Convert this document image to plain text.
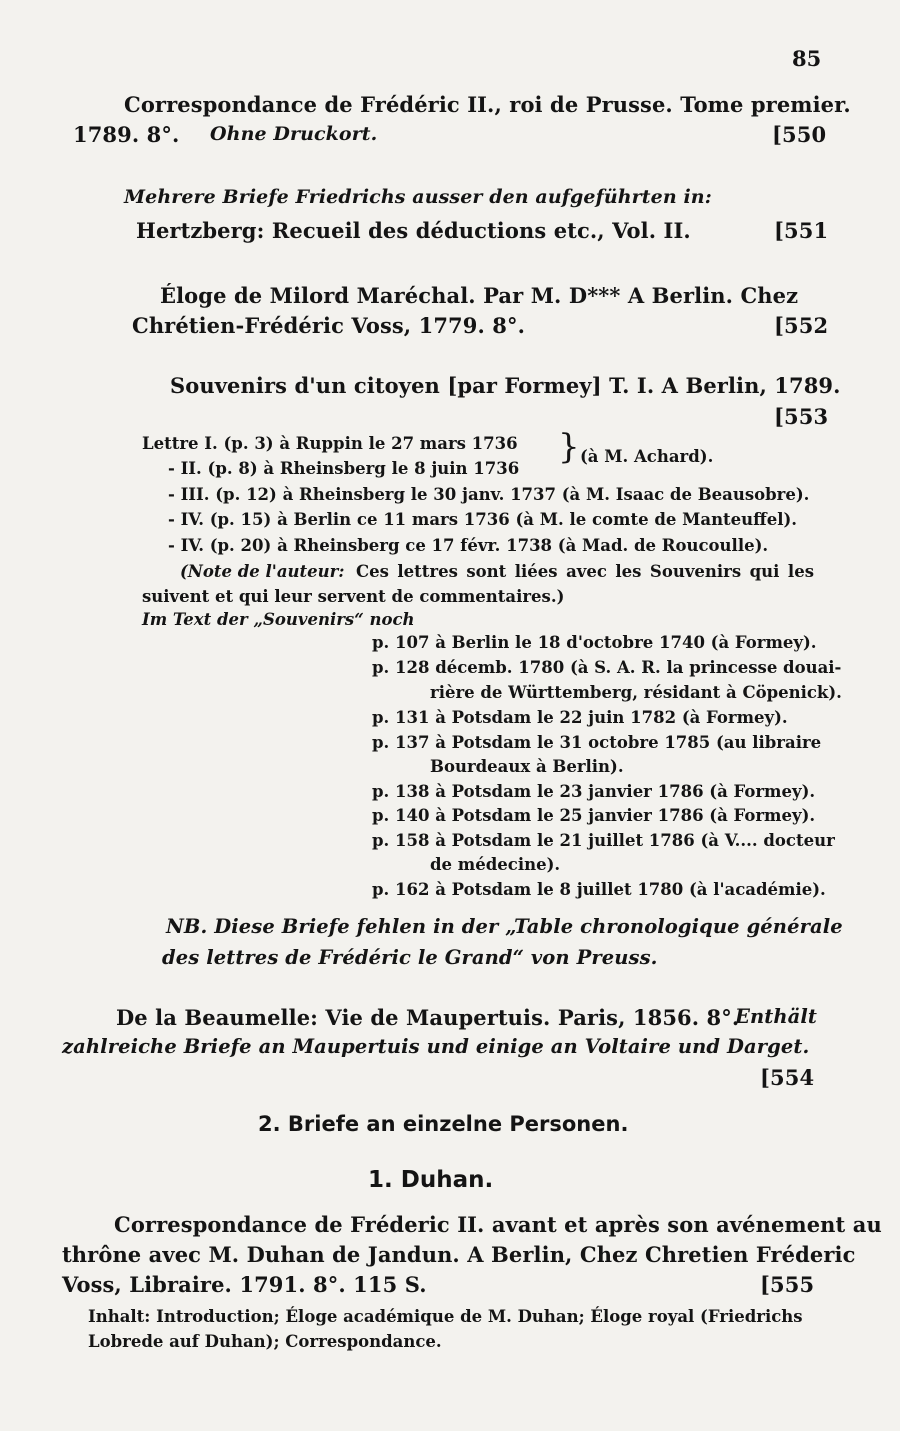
85
Correspondance de Frédéric II., roi de Prusse. Tome premier.
1789. 8°. Ohne Druckort.	[550
Mehrere Briefe Friedrichs ausser den aufgeführten in:
Hertzberg: Recueil des déductions etc., Vol. II.	[551
Éloge de Milord Maréchal. Par M. D*** A Berlin. Chez
Chrétien-Frédéric Voss, 1779. 8°.	[552
Souvenirs d'un citoyen [par Formey] T. I. A Berlin, 1789.
[553
Lettre I. (p. 3) à Ruppin le 27 mars 1736
- II. (p. 8) à Rheinsberg le 8 juin 1736
} (à M. Achard).
- III. (p. 12) à Rheinsberg le 30 janv. 1737 (à M. Isaac de Beausobre).
- IV. (p. 15) à Berlin ce 11 mars 1736 (à M. le comte de Manteuffel).
- IV. (p. 20) à Rheinsberg ce 17 févr. 1738 (à Mad. de Roucoulle).
(Note de l'auteur: Ces lettres sont liées avec les Souvenirs qui les
suivent et qui leur servent de commentaires.)
Im Text der „Souvenirs“ noch
p. 107 à Berlin le 18 d'octobre 1740 (à Formey).
p. 128 décemb. 1780 (à S. A. R. la princesse douai-
rière de Württemberg, résidant à Cöpenick).
p. 131 à Potsdam le 22 juin 1782 (à Formey).
p. 137 à Potsdam le 31 octobre 1785 (au libraire
Bourdeaux à Berlin).
p. 138 à Potsdam le 23 janvier 1786 (à Formey).
p. 140 à Potsdam le 25 janvier 1786 (à Formey).
p. 158 à Potsdam le 21 juillet 1786 (à V.... docteur
de médecine).
p. 162 à Potsdam le 8 juillet 1780 (à l'académie).
NB. Diese Briefe fehlen in der „Table chronologique générale
des lettres de Frédéric le Grand“ von Preuss.
De la Beaumelle: Vie de Maupertuis. Paris, 1856. 8°.
Enthält
zahlreiche Briefe an Maupertuis und einige an Voltaire und Darget.
[554
2. Briefe an einzelne Personen.
1. Duhan.
Correspondance de Fréderic II. avant et après son avénement au
thrône avec M. Duhan de Jandun. A Berlin, Chez Chretien Fréderic
Voss, Libraire. 1791. 8°. 115 S.	[555
Inhalt: Introduction; Éloge académique de M. Duhan; Éloge royal (Friedrichs
Lobrede auf Duhan); Correspondance.
